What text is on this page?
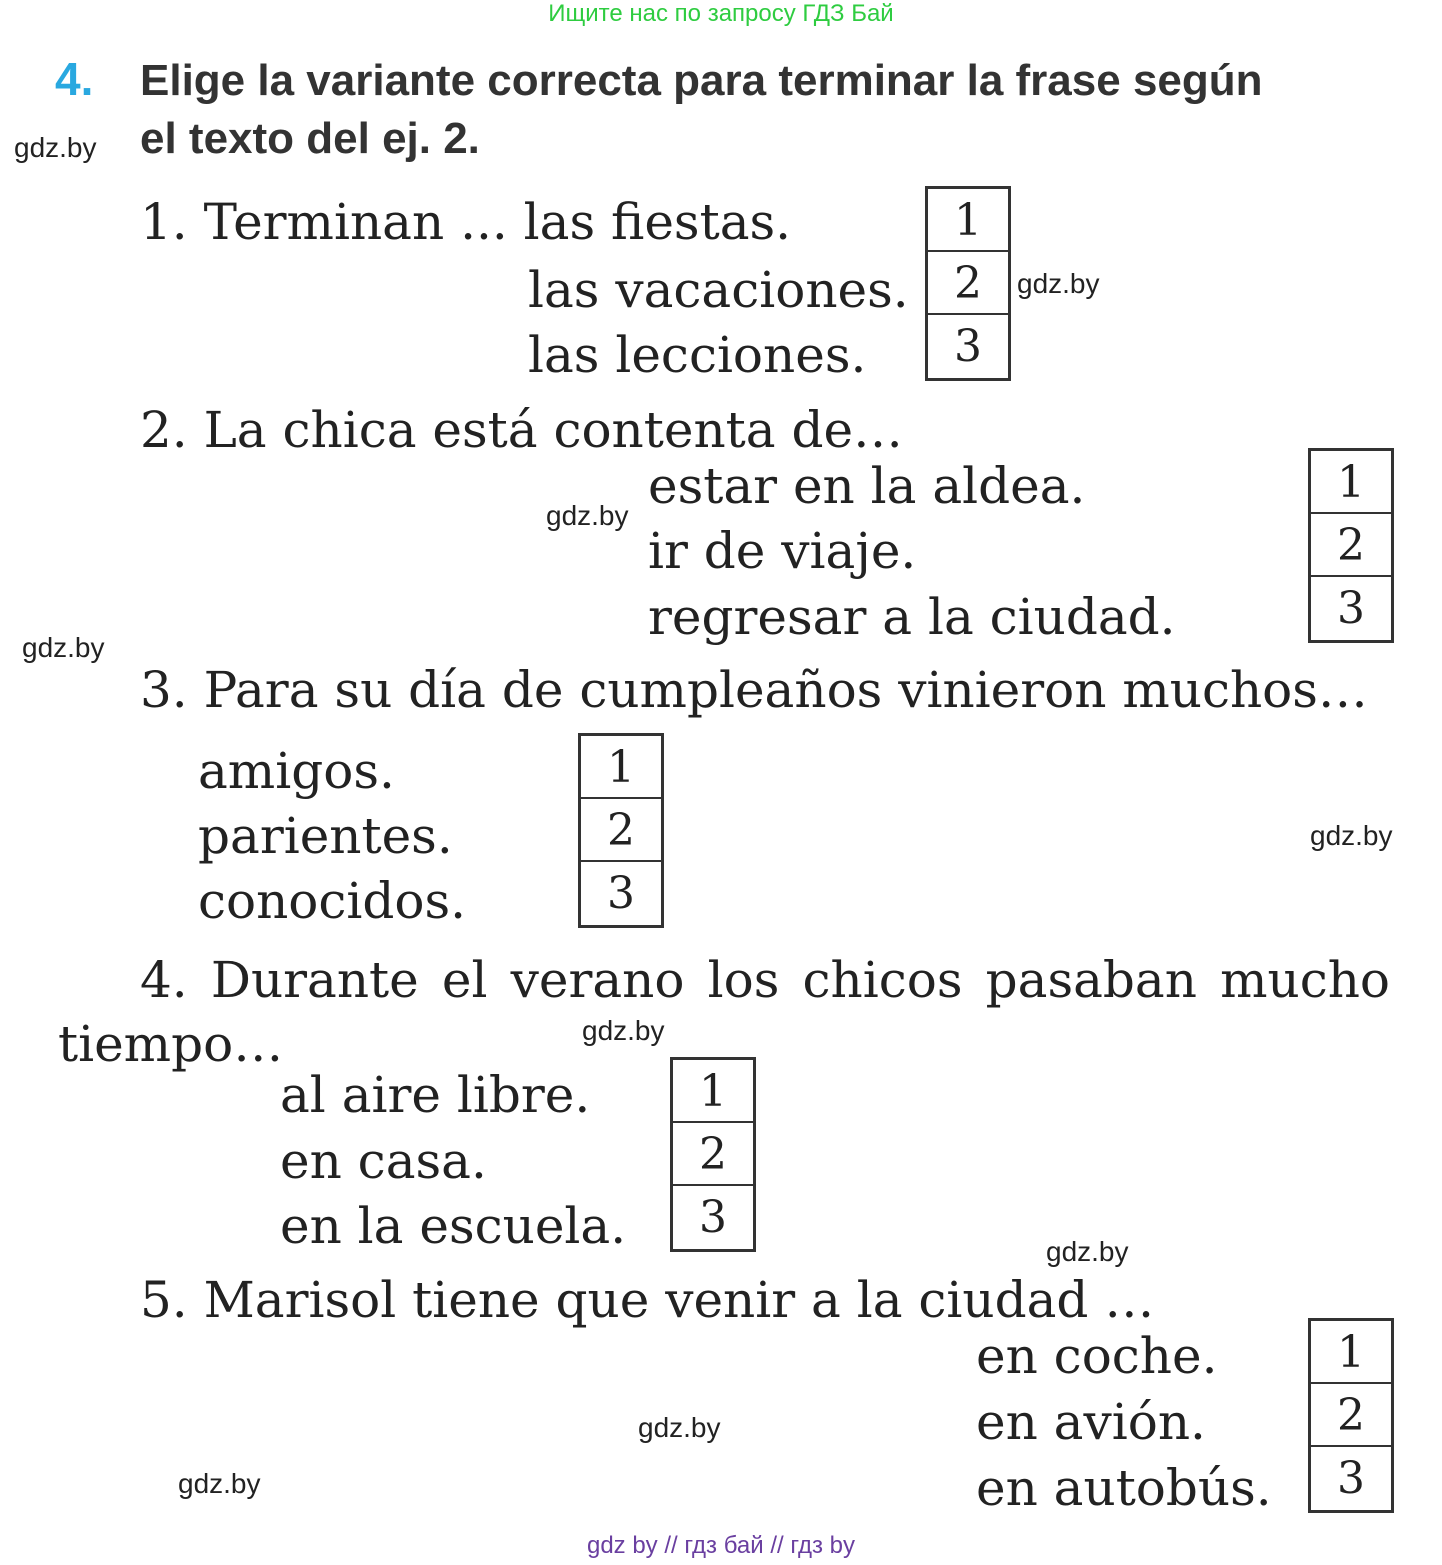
Ищите нас по запросу ГДЗ Бай
4. Elige la variante correcta para terminar la frase según
el texto del ej. 2.
gdz.by
gdz.by
gdz.by
gdz.by
gdz.by
gdz.by
gdz.by
gdz.by
gdz.by
1. Terminan ... las fiestas.
las vacaciones.
las lecciones.
1
2
3
2. La chica está contenta de…
estar en la aldea.
ir de viaje.
regresar a la ciudad.
1
2
3
3. Para su día de cumpleaños vinieron muchos…
amigos.
parientes.
conocidos.
1
2
3
4. Durante el verano los chicos pasaban mucho tiempo…
al aire libre.
en casa.
en la escuela.
1
2
3
5. Marisol tiene que venir a la ciudad …
en coche.
en avión.
en autobús.
1
2
3
gdz by // гдз бай // гдз by
